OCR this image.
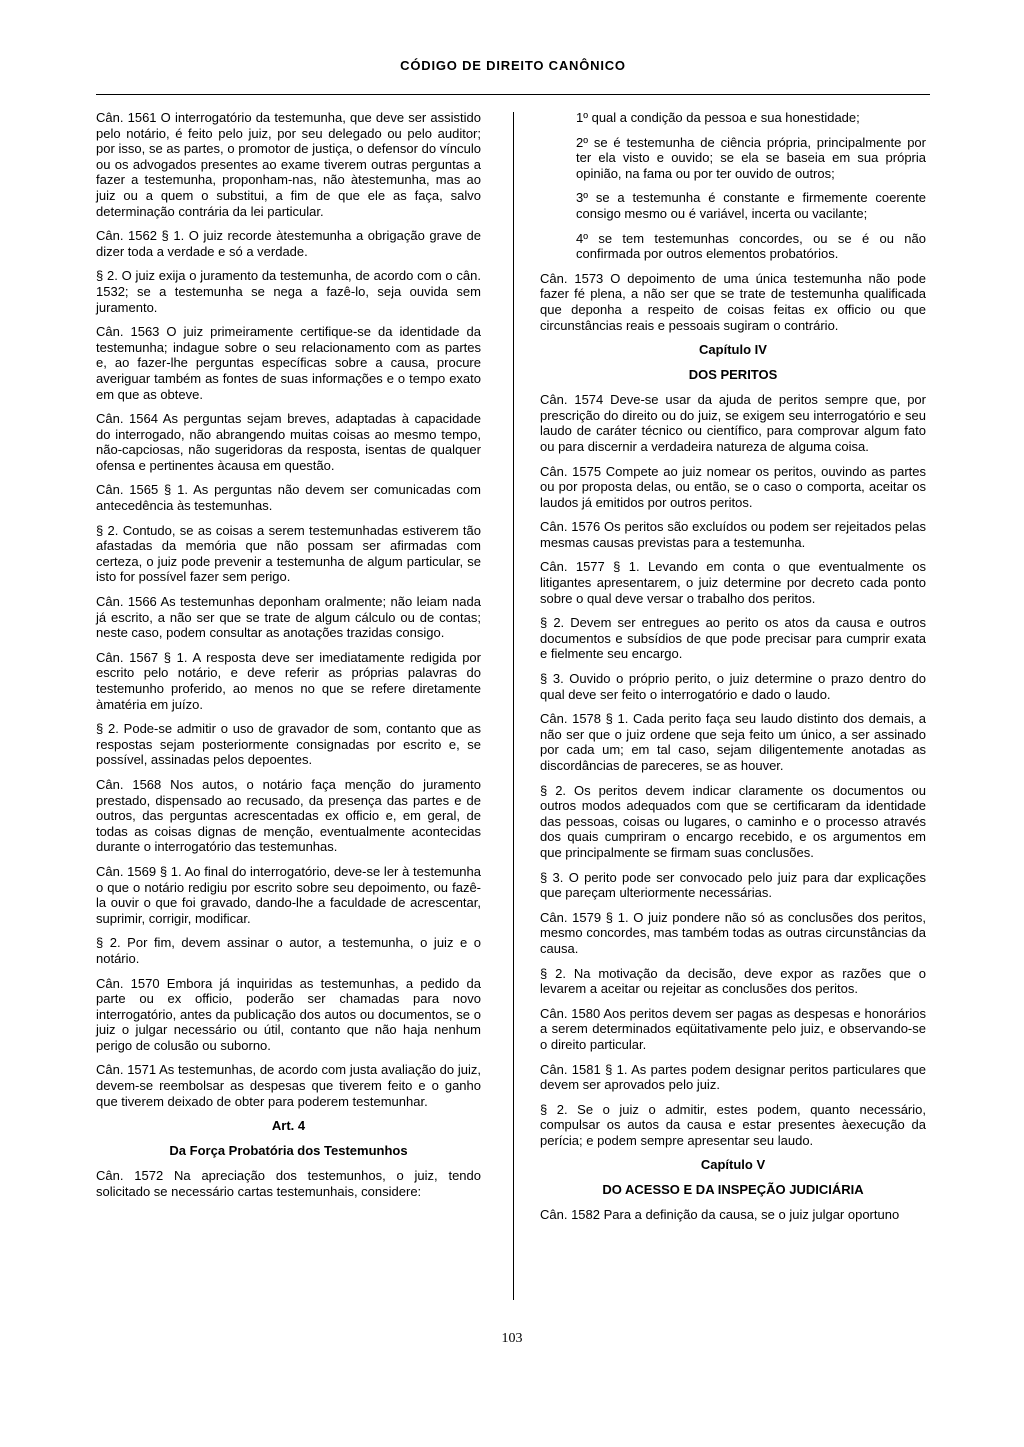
CÓDIGO DE DIREITO CANÔNICO

Cân. 1561 O interrogatório da testemunha, que deve ser assistido pelo notário, é feito pelo juiz, por seu delegado ou pelo auditor; por isso, se as partes, o promotor de justiça, o defensor do vínculo ou os advogados presentes ao exame tiverem outras perguntas a fazer a testemunha, proponham-nas, não àtestemunha, mas ao juiz ou a quem o substitui, a fim de que ele as faça, salvo determinação contrária da lei particular.

Cân. 1562 § 1. O juiz recorde àtestemunha a obrigação grave de dizer toda a verdade e só a verdade.

§ 2. O juiz exija o juramento da testemunha, de acordo com o cân. 1532; se a testemunha se nega a fazê-lo, seja ouvida sem juramento.

Cân. 1563 O juiz primeiramente certifique-se da identidade da testemunha; indague sobre o seu relacionamento com as partes e, ao fazer-lhe perguntas específicas sobre a causa, procure averiguar também as fontes de suas informações e o tempo exato em que as obteve.

Cân. 1564 As perguntas sejam breves, adaptadas à capacidade do interrogado, não abrangendo muitas coisas ao mesmo tempo, não-capciosas, não sugeridoras da resposta, isentas de qualquer ofensa e pertinentes àcausa em questão.

Cân. 1565 § 1. As perguntas não devem ser comunicadas com antecedência às testemunhas.

§ 2. Contudo, se as coisas a serem testemunhadas estiverem tão afastadas da memória que não possam ser afirmadas com certeza, o juiz pode prevenir a testemunha de algum particular, se isto for possível fazer sem perigo.

Cân. 1566 As testemunhas deponham oralmente; não leiam nada já escrito, a não ser que se trate de algum cálculo ou de contas; neste caso, podem consultar as anotações trazidas consigo.

Cân. 1567 § 1. A resposta deve ser imediatamente redigida por escrito pelo notário, e deve referir as próprias palavras do testemunho proferido, ao menos no que se refere diretamente àmatéria em juízo.

§ 2. Pode-se admitir o uso de gravador de som, contanto que as respostas sejam posteriormente consignadas por escrito e, se possível, assinadas pelos depoentes.

Cân. 1568 Nos autos, o notário faça menção do juramento prestado, dispensado ao recusado, da presença das partes e de outros, das perguntas acrescentadas ex officio e, em geral, de todas as coisas dignas de menção, eventualmente acontecidas durante o interrogatório das testemunhas.

Cân. 1569 § 1. Ao final do interrogatório, deve-se ler à testemunha o que o notário redigiu por escrito sobre seu depoimento, ou fazê-la ouvir o que foi gravado, dando-lhe a faculdade de acrescentar, suprimir, corrigir, modificar.

§ 2. Por fim, devem assinar o autor, a testemunha, o juiz e o notário.

Cân. 1570 Embora já inquiridas as testemunhas, a pedido da parte ou ex officio, poderão ser chamadas para novo interrogatório, antes da publicação dos autos ou documentos, se o juiz o julgar necessário ou útil, contanto que não haja nenhum perigo de colusão ou suborno.

Cân. 1571 As testemunhas, de acordo com justa avaliação do juiz, devem-se reembolsar as despesas que tiverem feito e o ganho que tiverem deixado de obter para poderem testemunhar.

Art. 4
Da Força Probatória dos Testemunhos

Cân. 1572 Na apreciação dos testemunhos, o juiz, tendo solicitado se necessário cartas testemunhais, considere:

1º qual a condição da pessoa e sua honestidade;

2º se é testemunha de ciência própria, principalmente por ter ela visto e ouvido; se ela se baseia em sua própria opinião, na fama ou por ter ouvido de outros;

3º se a testemunha é constante e firmemente coerente consigo mesmo ou é variável, incerta ou vacilante;

4º se tem testemunhas concordes, ou se é ou não confirmada por outros elementos probatórios.

Cân. 1573 O depoimento de uma única testemunha não pode fazer fé plena, a não ser que se trate de testemunha qualificada que deponha a respeito de coisas feitas ex officio ou que circunstâncias reais e pessoais sugiram o contrário.

Capítulo IV
DOS PERITOS

Cân. 1574 Deve-se usar da ajuda de peritos sempre que, por prescrição do direito ou do juiz, se exigem seu interrogatório e seu laudo de caráter técnico ou científico, para comprovar algum fato ou para discernir a verdadeira natureza de alguma coisa.

Cân. 1575 Compete ao juiz nomear os peritos, ouvindo as partes ou por proposta delas, ou então, se o caso o comporta, aceitar os laudos já emitidos por outros peritos.

Cân. 1576 Os peritos são excluídos ou podem ser rejeitados pelas mesmas causas previstas para a testemunha.

Cân. 1577 § 1. Levando em conta o que eventualmente os litigantes apresentarem, o juiz determine por decreto cada ponto sobre o qual deve versar o trabalho dos peritos.

§ 2. Devem ser entregues ao perito os atos da causa e outros documentos e subsídios de que pode precisar para cumprir exata e fielmente seu encargo.

§ 3. Ouvido o próprio perito, o juiz determine o prazo dentro do qual deve ser feito o interrogatório e dado o laudo.

Cân. 1578 § 1. Cada perito faça seu laudo distinto dos demais, a não ser que o juiz ordene que seja feito um único, a ser assinado por cada um; em tal caso, sejam diligentemente anotadas as discordâncias de pareceres, se as houver.

§ 2. Os peritos devem indicar claramente os documentos ou outros modos adequados com que se certificaram da identidade das pessoas, coisas ou lugares, o caminho e o processo através dos quais cumpriram o encargo recebido, e os argumentos em que principalmente se firmam suas conclusões.

§ 3. O perito pode ser convocado pelo juiz para dar explicações que pareçam ulteriormente necessárias.

Cân. 1579 § 1. O juiz pondere não só as conclusões dos peritos, mesmo concordes, mas também todas as outras circunstâncias da causa.

§ 2. Na motivação da decisão, deve expor as razões que o levarem a aceitar ou rejeitar as conclusões dos peritos.

Cân. 1580 Aos peritos devem ser pagas as despesas e honorários a serem determinados eqüitativamente pelo juiz, e observando-se o direito particular.

Cân. 1581 § 1. As partes podem designar peritos particulares que devem ser aprovados pelo juiz.

§ 2. Se o juiz o admitir, estes podem, quanto necessário, compulsar os autos da causa e estar presentes àexecução da perícia; e podem sempre apresentar seu laudo.

Capítulo V
DO ACESSO E DA INSPEÇÃO JUDICIÁRIA

Cân. 1582 Para a definição da causa, se o juiz julgar oportuno

103
